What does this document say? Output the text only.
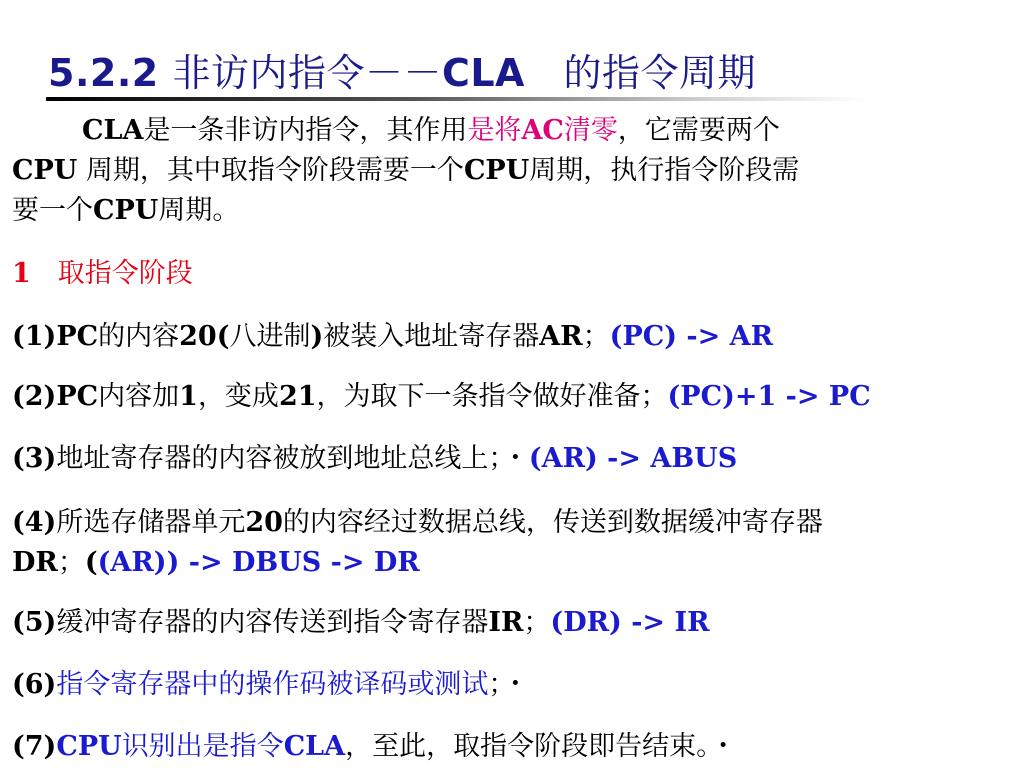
5.2.2 非访内指令－－CLA　的指令周期
CLA是一条非访内指令，其作用是将AC清零，它需要两个
CPU 周期，其中取指令阶段需要一个CPU周期，执行指令阶段需
要一个CPU周期。
1　 取指令阶段
(1)PC的内容20(八进制)被装入地址寄存器AR；(PC) -> AR
(2)PC内容加1，变成21，为取下一条指令做好准备；(PC)+1 -> PC
(3)地址寄存器的内容被放到地址总线上；・(AR) -> ABUS
(4)所选存储器单元20的内容经过数据总线，传送到数据缓冲寄存器
DR；((AR)) -> DBUS -> DR
(5)缓冲寄存器的内容传送到指令寄存器IR；(DR) -> IR
(6)指令寄存器中的操作码被译码或测试；・
(7)CPU识别出是指令CLA，至此，取指令阶段即告结束。・
